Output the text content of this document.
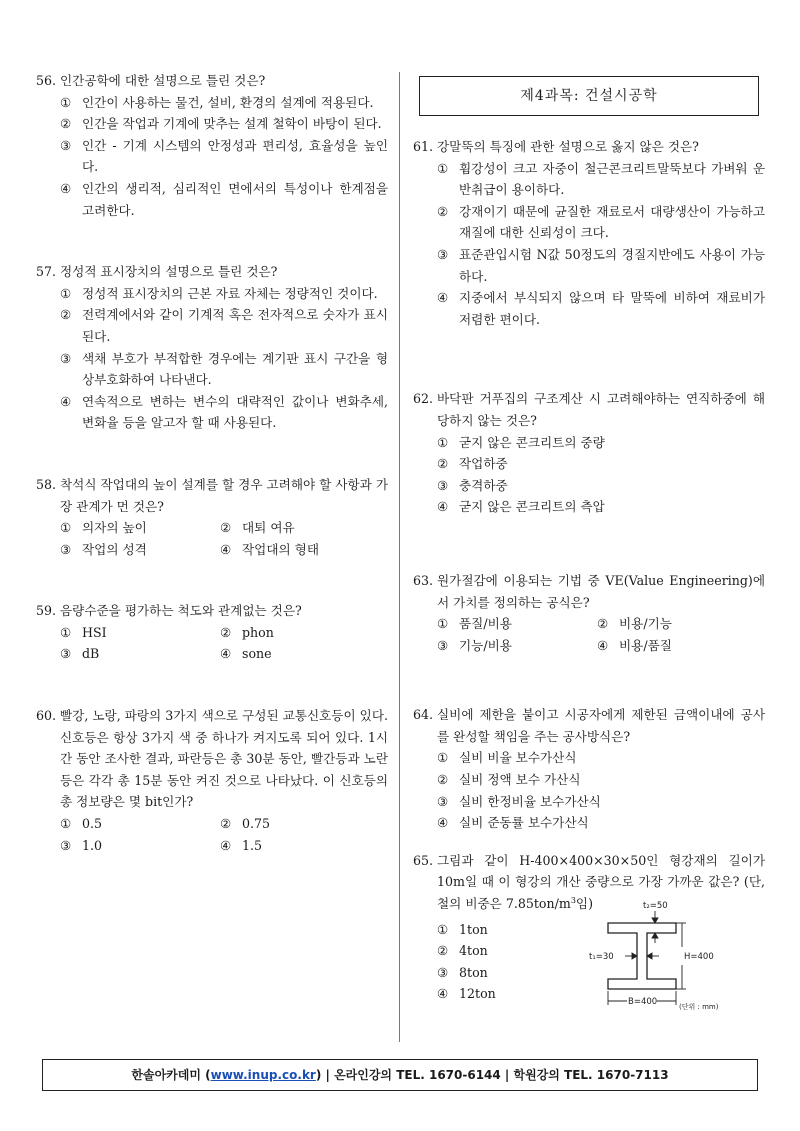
56. 인간공학에 대한 설명으로 틀린 것은?
① 인간이 사용하는 물건, 설비, 환경의 설계에 적용된다.
② 인간을 작업과 기계에 맞추는 설계 철학이 바탕이 된다.
③ 인간 - 기계 시스템의 안정성과 편리성, 효율성을 높인다.
④ 인간의 생리적, 심리적인 면에서의 특성이나 한계점을 고려한다.
57. 정성적 표시장치의 설명으로 틀린 것은?
① 정성적 표시장치의 근본 자료 자체는 정량적인 것이다.
② 전력계에서와 같이 기계적 혹은 전자적으로 숫자가 표시된다.
③ 색채 부호가 부적합한 경우에는 계기판 표시 구간을 형상부호화하여 나타낸다.
④ 연속적으로 변하는 변수의 대략적인 값이나 변화추세, 변화율 등을 알고자 할 때 사용된다.
58. 착석식 작업대의 높이 설계를 할 경우 고려해야 할 사항과 가장 관계가 먼 것은?
① 의자의 높이	② 대퇴 여유
③ 작업의 성격	④ 작업대의 형태
59. 음량수준을 평가하는 척도와 관계없는 것은?
① HSI	② phon
③ dB	④ sone
60. 빨강, 노랑, 파랑의 3가지 색으로 구성된 교통신호등이 있다. 신호등은 항상 3가지 색 중 하나가 켜지도록 되어 있다. 1시간 동안 조사한 결과, 파란등은 총 30분 동안, 빨간등과 노란등은 각각 총 15분 동안 켜진 것으로 나타났다. 이 신호등의 총 정보량은 몇 bit인가?
① 0.5	② 0.75
③ 1.0	④ 1.5
제4과목: 건설시공학
61. 강말뚝의 특징에 관한 설명으로 옳지 않은 것은?
① 휨강성이 크고 자중이 철근콘크리트말뚝보다 가벼워 운반취급이 용이하다.
② 강재이기 때문에 균질한 재료로서 대량생산이 가능하고 재질에 대한 신뢰성이 크다.
③ 표준관입시험 N값 50정도의 경질지반에도 사용이 가능하다.
④ 지중에서 부식되지 않으며 타 말뚝에 비하여 재료비가 저렴한 편이다.
62. 바닥판 거푸집의 구조계산 시 고려해야하는 연직하중에 해당하지 않는 것은?
① 굳지 않은 콘크리트의 중량
② 작업하중
③ 충격하중
④ 굳지 않은 콘크리트의 측압
63. 원가절감에 이용되는 기법 중 VE(Value Engineering)에서 가치를 정의하는 공식은?
① 품질/비용	② 비용/기능
③ 기능/비용	④ 비용/품질
64. 실비에 제한을 붙이고 시공자에게 제한된 금액이내에 공사를 완성할 책임을 주는 공사방식은?
① 실비 비율 보수가산식
② 실비 정액 보수 가산식
③ 실비 한정비율 보수가산식
④ 실비 준동률 보수가산식
65. 그림과 같이 H-400×400×30×50인 형강재의 길이가 10m일 때 이 형강의 개산 중량으로 가장 가까운 값은? (단, 철의 비중은 $7.85ton/m^3$임)
① 1ton
② 4ton
③ 8ton
④ 12ton
t₂=50
t₁=30	H=400
B=400	(단위 : mm)
한솔아카데미 (www.inup.co.kr) | 온라인강의 TEL. 1670-6144 | 학원강의 TEL. 1670-7113
